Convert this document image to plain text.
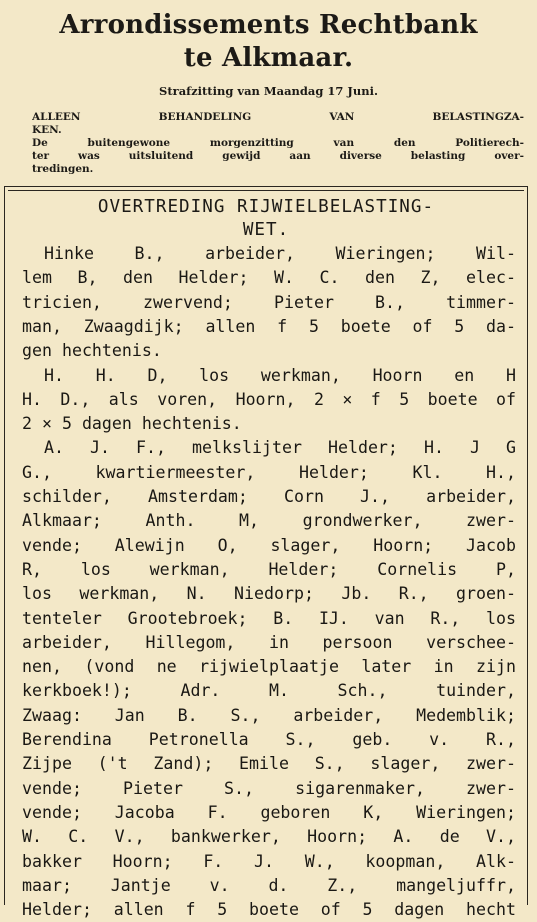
Arrondissements Rechtbank
te Alkmaar.
Strafzitting van Maandag 17 Juni.
ALLEEN BEHANDELING VAN BELASTINGZA-
KEN.
De buitengewone morgenzitting van den Politierech-
ter was uitsluitend gewijd aan diverse belasting over-
tredingen.
OVERTREDING RIJWIELBELASTING-
WET.
Hinke B., arbeider, Wieringen; Wil-
lem B, den Helder; W. C. den Z, elec-
tricien, zwervend; Pieter B., timmer-
man, Zwaagdijk; allen f 5 boete of 5 da-
gen hechtenis.
H. H. D, los werkman, Hoorn en H
H. D., als voren, Hoorn, 2 × f 5 boete of
2 × 5 dagen hechtenis.
A. J. F., melkslijter Helder; H. J G
G., kwartiermeester, Helder; Kl. H.,
schilder, Amsterdam; Corn J., arbeider,
Alkmaar; Anth. M, grondwerker, zwer-
vende; Alewijn O, slager, Hoorn; Jacob
R, los werkman, Helder; Cornelis P,
los werkman, N. Niedorp; Jb. R., groen-
tenteler Grootebroek; B. IJ. van R., los
arbeider, Hillegom, in persoon verschee-
nen, (vond ne rijwielplaatje later in zijn
kerkboek!); Adr. M. Sch., tuinder,
Zwaag: Jan B. S., arbeider, Medemblik;
Berendina Petronella S., geb. v. R.,
Zijpe ('t Zand); Emile S., slager, zwer-
vende; Pieter S., sigarenmaker, zwer-
vende; Jacoba F. geboren K, Wieringen;
W. C. V., bankwerker, Hoorn; A. de V.,
bakker Hoorn; F. J. W., koopman, Alk-
maar; Jantje v. d. Z., mangeljuffr,
Helder; allen f 5 boete of 5 dagen hecht
